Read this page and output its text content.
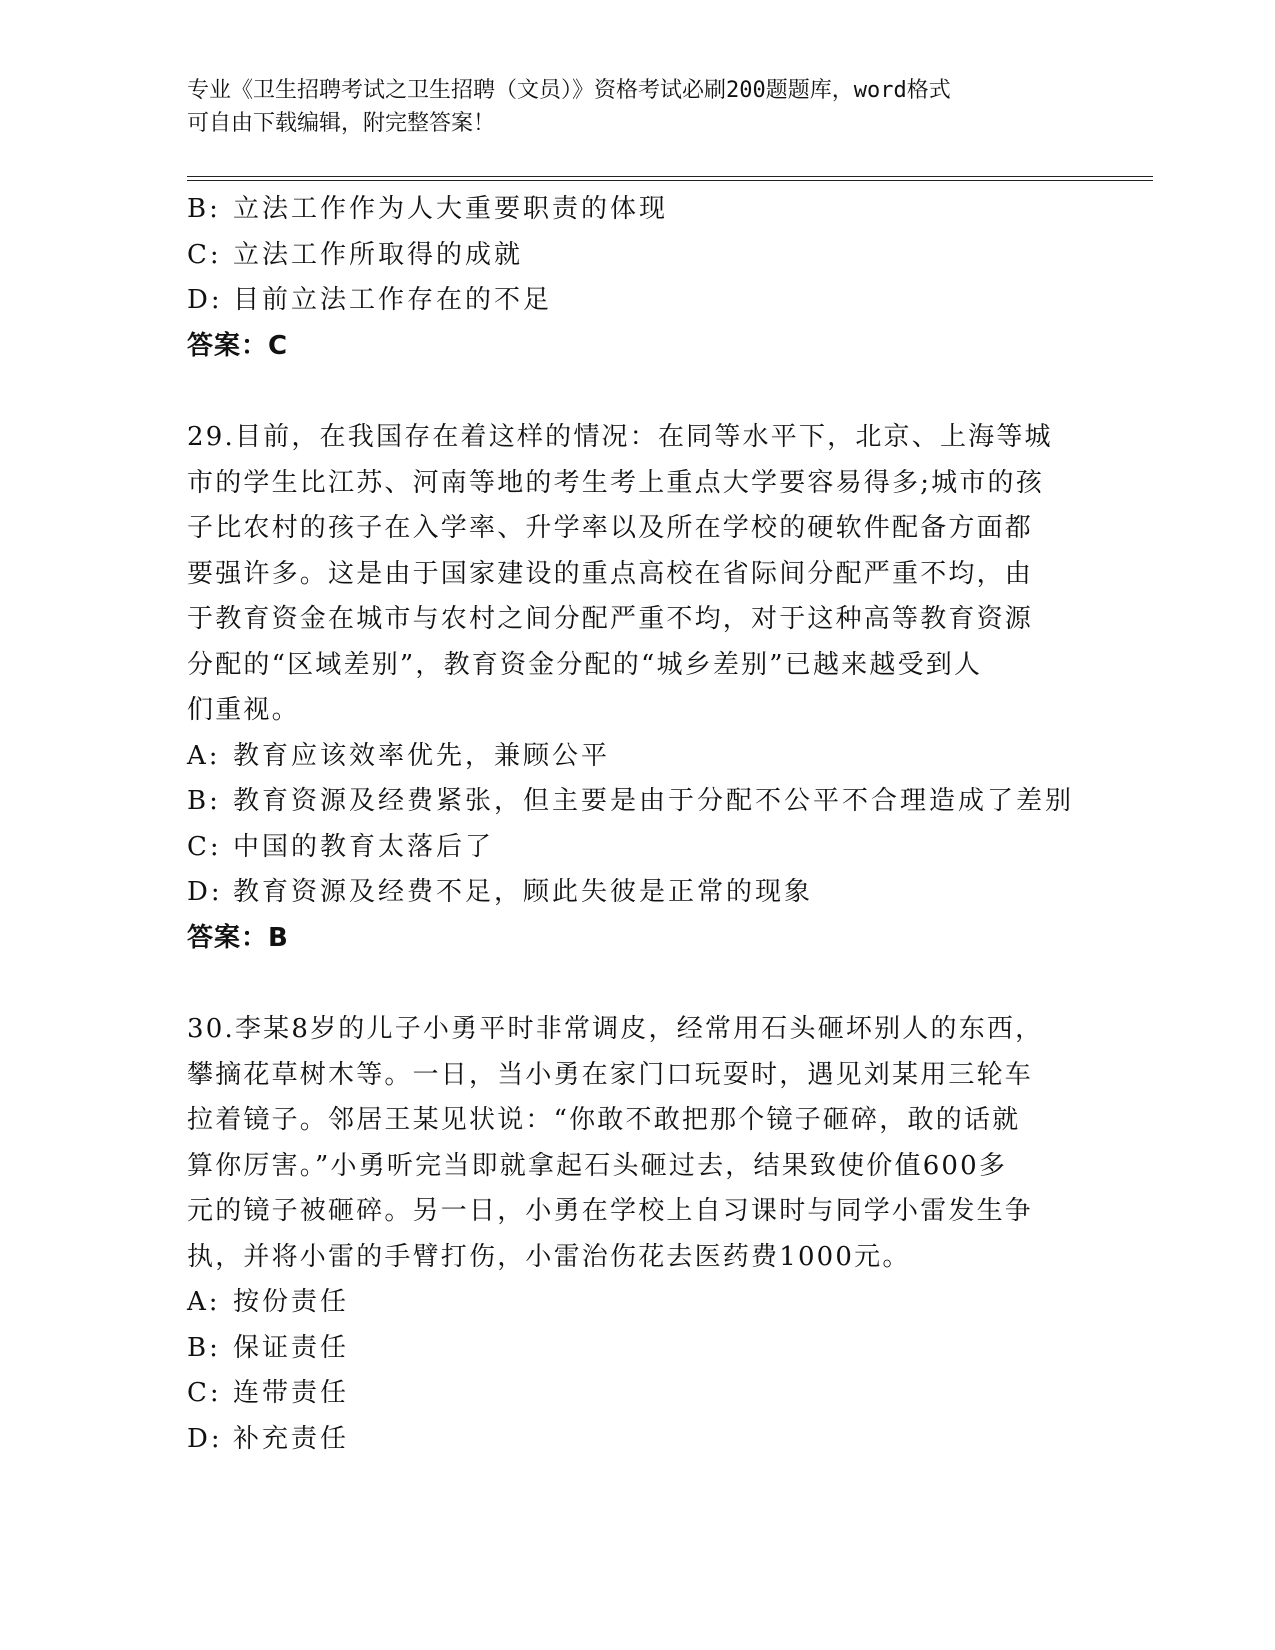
专业《卫生招聘考试之卫生招聘（文员）》资格考试必刷200题题库，word格式
可自由下载编辑，附完整答案！
B: 立法工作作为人大重要职责的体现
C: 立法工作所取得的成就
D: 目前立法工作存在的不足

答案：C

29.目前，在我国存在着这样的情况：在同等水平下，北京、上海等城
市的学生比江苏、河南等地的考生考上重点大学要容易得多;城市的孩
子比农村的孩子在入学率、升学率以及所在学校的硬软件配备方面都
要强许多。这是由于国家建设的重点高校在省际间分配严重不均，由
于教育资金在城市与农村之间分配严重不均，对于这种高等教育资源
分配的“区域差别”，教育资金分配的“城乡差别”已越来越受到人
们重视。

A: 教育应该效率优先，兼顾公平
B: 教育资源及经费紧张，但主要是由于分配不公平不合理造成了差别
C: 中国的教育太落后了
D: 教育资源及经费不足，顾此失彼是正常的现象

答案：B

30.李某8岁的儿子小勇平时非常调皮，经常用石头砸坏别人的东西，
攀摘花草树木等。一日，当小勇在家门口玩耍时，遇见刘某用三轮车
拉着镜子。邻居王某见状说：“你敢不敢把那个镜子砸碎，敢的话就
算你厉害。”小勇听完当即就拿起石头砸过去，结果致使价值600多
元的镜子被砸碎。另一日，小勇在学校上自习课时与同学小雷发生争
执，并将小雷的手臂打伤，小雷治伤花去医药费1000元。

A: 按份责任
B: 保证责任
C: 连带责任
D: 补充责任
